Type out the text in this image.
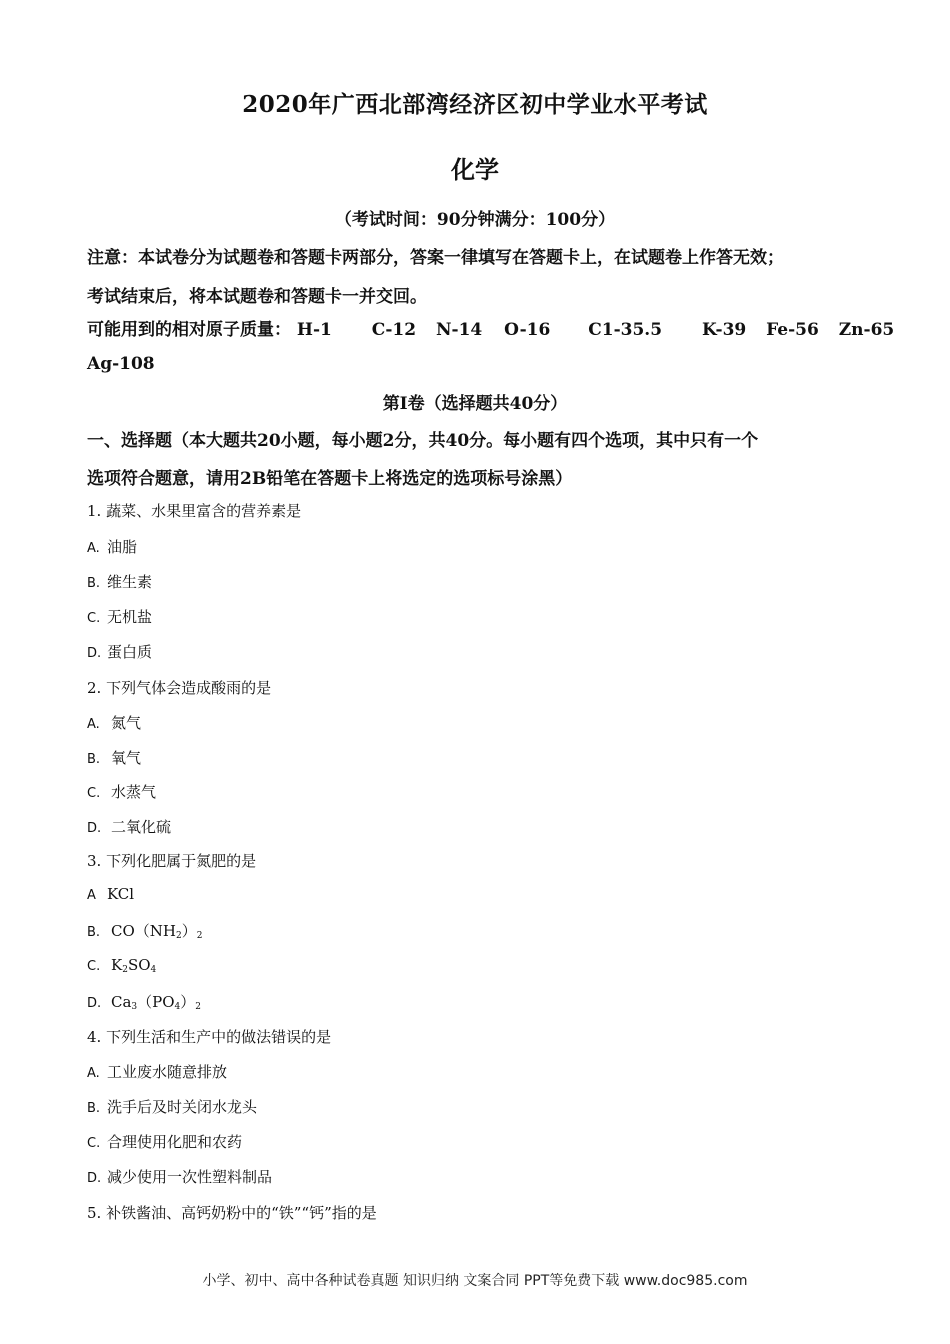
2020年广西北部湾经济区初中学业水平考试
化学
（考试时间：90分钟满分：100分）
注意：本试卷分为试题卷和答题卡两部分，答案一律填写在答题卡上，在试题卷上作答无效；
考试结束后，将本试题卷和答题卡一并交回。
可能用到的相对原子质量： H-1 C-12 N-14 O-16 C1-35.5 K-39 Fe-56 Zn-65
Ag-108
第I卷（选择题共40分）
一、选择题（本大题共20小题，每小题2分，共40分。每小题有四个选项，其中只有一个
选项符合题意，请用2B铅笔在答题卡上将选定的选项标号涂黑）
1. 蔬菜、水果里富含的营养素是
A. 油脂
B. 维生素
C. 无机盐
D. 蛋白质
2. 下列气体会造成酸雨的是
A. 氮气
B. 氧气
C. 水蒸气
D. 二氧化硫
3. 下列化肥属于氮肥的是
A KCl
B. $CO(NH_2)_2$
C. $K_2SO_4$
D. $Ca_3(PO_4)_2$
4. 下列生活和生产中的做法错误的是
A. 工业废水随意排放
B. 洗手后及时关闭水龙头
C. 合理使用化肥和农药
D. 减少使用一次性塑料制品
5. 补铁酱油、高钙奶粉中的“铁”“钙”指的是
小学、初中、高中各种试卷真题 知识归纳 文案合同 PPT等免费下载 www.doc985.com
